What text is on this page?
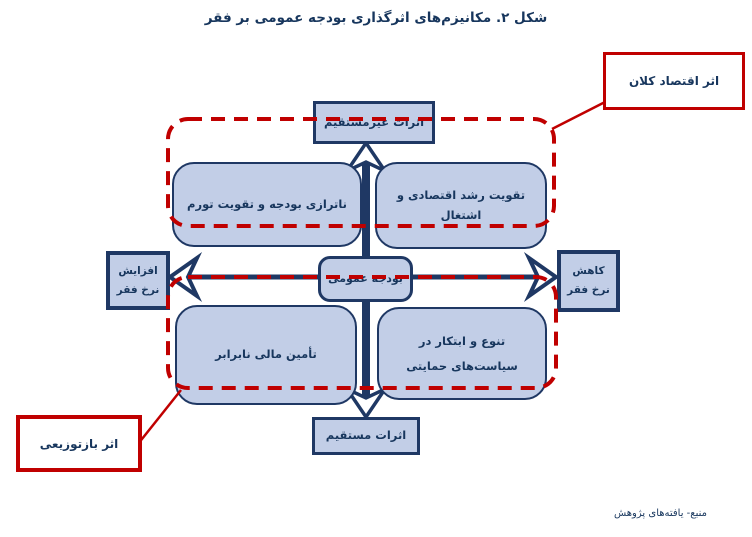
شکل ۲. مکانیزم‌های اثرگذاری بودجه عمومی بر فقر
اثرات غیرمستقیم
ناترازی بودجه و تقویت تورم
تقویت رشد اقتصادی و اشتغال
بودجه عمومی
افزایش
نرخ فقر
کاهش
نرخ فقر
تأمین مالی نابرابر
تنوع و ابتکار در سیاست‌های حمایتی
اثرات مستقیم
اثر اقتصاد کلان
اثر بازتوزیعی
منبع- یافته‌های پژوهش
